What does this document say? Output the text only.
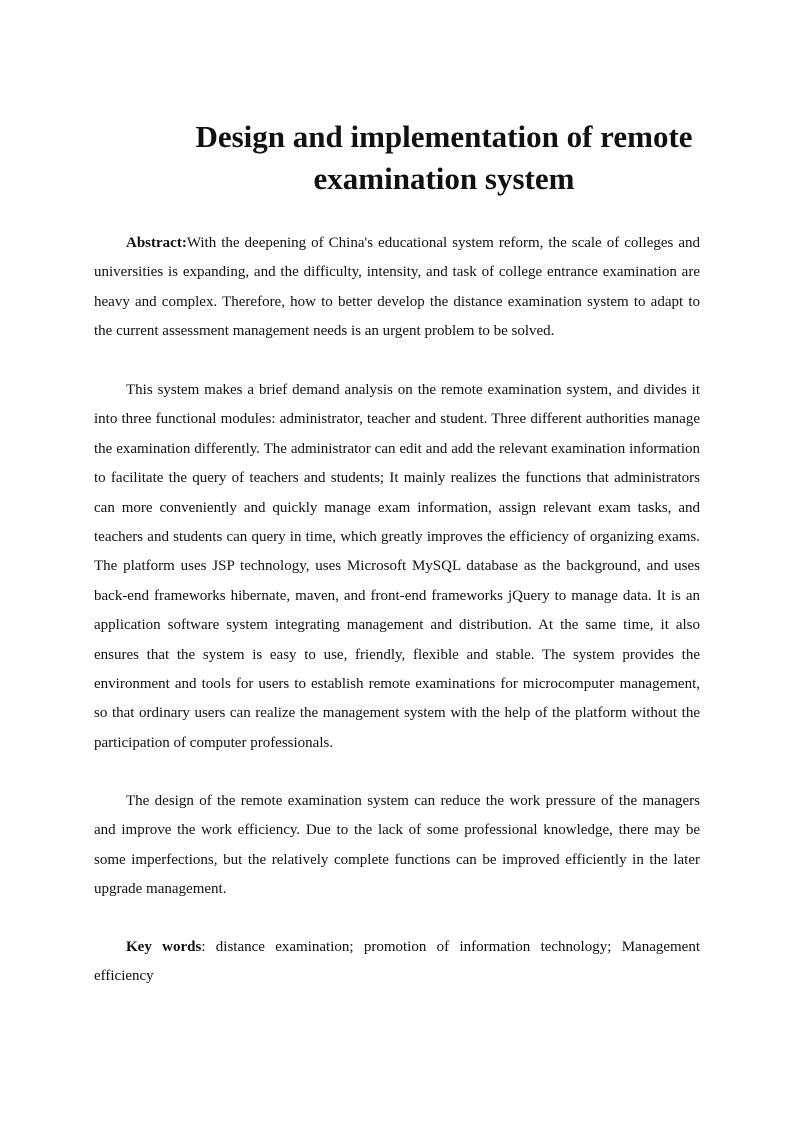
Design and implementation of remote
examination system

Abstract:With the deepening of China's educational system reform, the scale of colleges and universities is expanding, and the difficulty, intensity, and task of college entrance examination are heavy and complex. Therefore, how to better develop the distance examination system to adapt to the current assessment management needs is an urgent problem to be solved.

This system makes a brief demand analysis on the remote examination system, and divides it into three functional modules: administrator, teacher and student. Three different authorities manage the examination differently. The administrator can edit and add the relevant examination information to facilitate the query of teachers and students; It mainly realizes the functions that administrators can more conveniently and quickly manage exam information, assign relevant exam tasks, and teachers and students can query in time, which greatly improves the efficiency of organizing exams. The platform uses JSP technology, uses Microsoft MySQL database as the background, and uses back-end frameworks hibernate, maven, and front-end frameworks jQuery to manage data. It is an application software system integrating management and distribution. At the same time, it also ensures that the system is easy to use, friendly, flexible and stable. The system provides the environment and tools for users to establish remote examinations for microcomputer management, so that ordinary users can realize the management system with the help of the platform without the participation of computer professionals.

The design of the remote examination system can reduce the work pressure of the managers and improve the work efficiency. Due to the lack of some professional knowledge, there may be some imperfections, but the relatively complete functions can be improved efficiently in the later upgrade management.

Key words: distance examination; promotion of information technology; Management efficiency
